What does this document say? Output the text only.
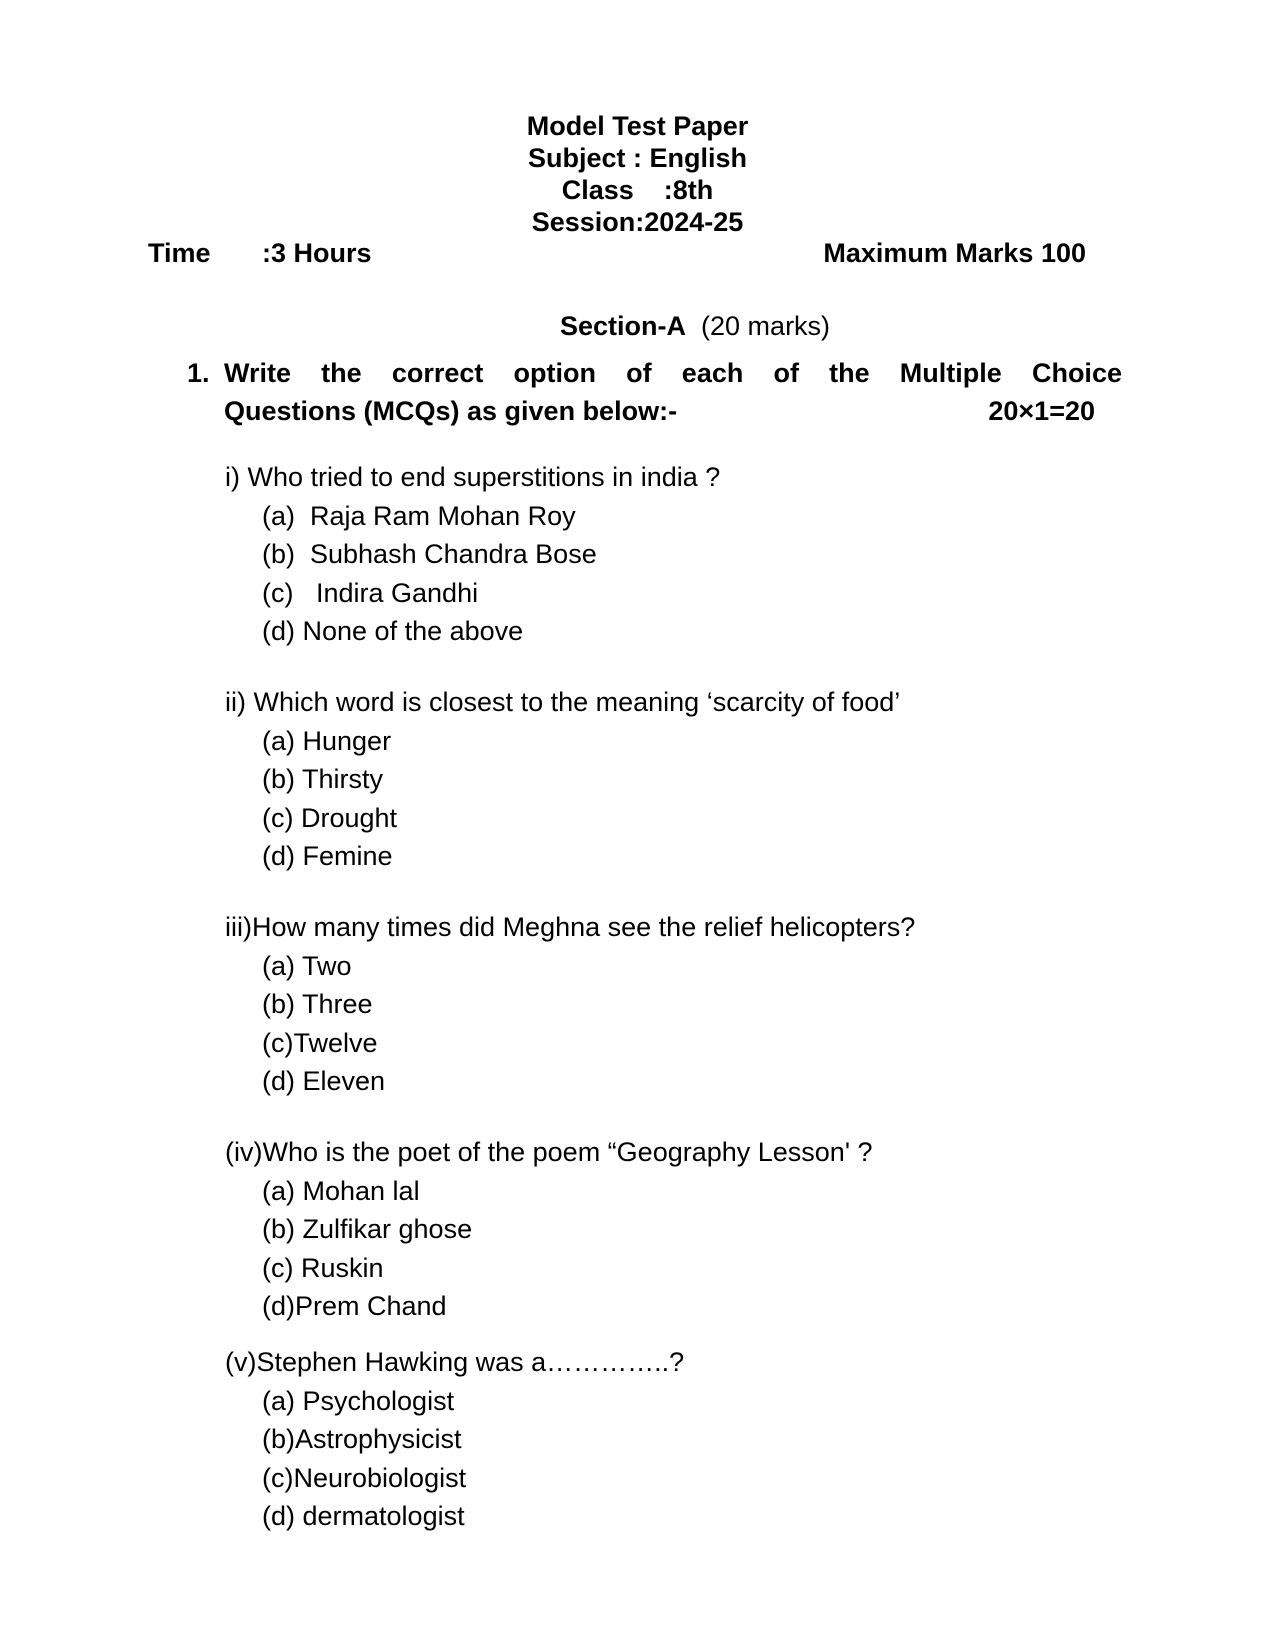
Model Test Paper
Subject : English
Class    :8th
Session:2024-25
Time :3 Hours	Maximum Marks 100
Section-A (20 marks)
1. Write the correct option of each of the Multiple Choice
Questions (MCQs) as given below:-	20×1=20
i) Who tried to end superstitions in india ?
(a)  Raja Ram Mohan Roy
(b)  Subhash Chandra Bose
(c)   Indira Gandhi
(d) None of the above
ii) Which word is closest to the meaning ‘scarcity of food’
(a) Hunger
(b) Thirsty
(c) Drought
(d) Femine
iii)How many times did Meghna see the relief helicopters?
(a) Two
(b) Three
(c)Twelve
(d) Eleven
(iv)Who is the poet of the poem “Geography Lesson' ?
(a) Mohan lal
(b) Zulfikar ghose
(c) Ruskin
(d)Prem Chand
(v)Stephen Hawking was a…………..?
(a) Psychologist
(b)Astrophysicist
(c)Neurobiologist
(d) dermatologist
